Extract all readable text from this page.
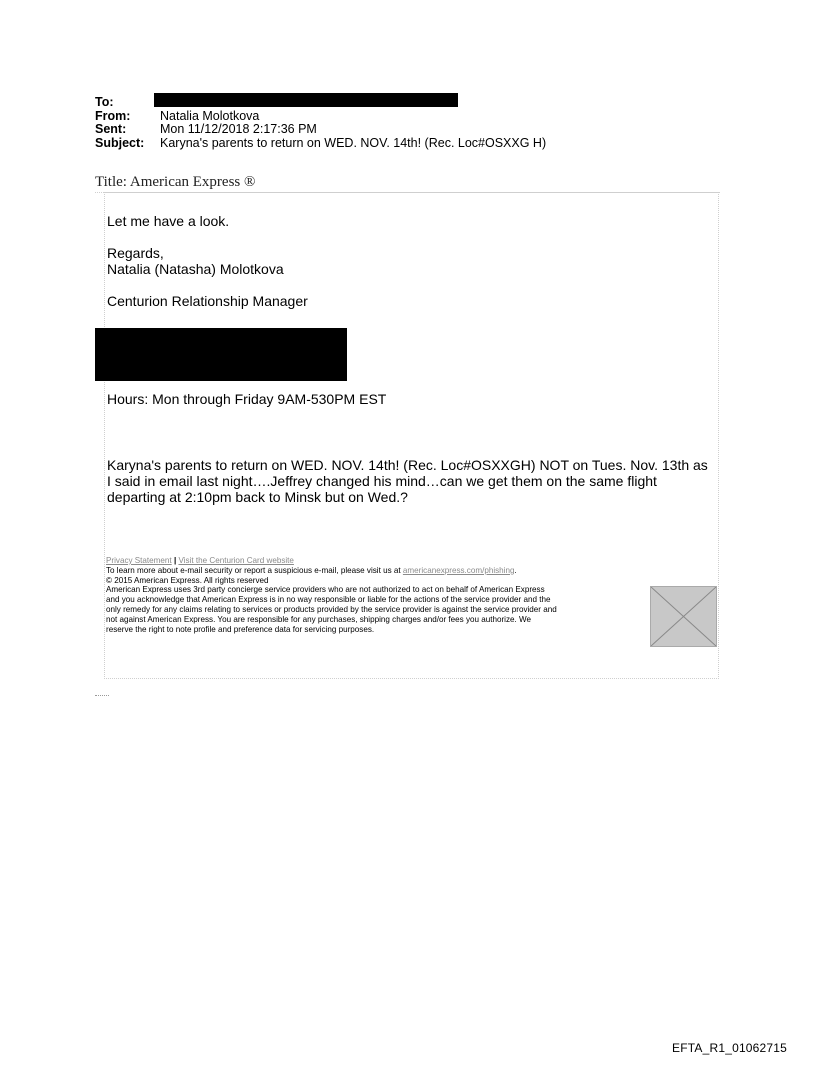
To:
From:	Natalia Molotkova
Sent:	Mon 11/12/2018 2:17:36 PM
Subject:	Karyna's parents to return on WED. NOV. 14th! (Rec. Loc#OSXXG H)
Title: American Express ®
Let me have a look.
Regards,
Natalia (Natasha) Molotkova
Centurion Relationship Manager
Hours: Mon through Friday 9AM-530PM EST
Karyna's parents to return on WED. NOV. 14th! (Rec. Loc#OSXXGH) NOT on Tues. Nov. 13th as
I said in email last night….Jeffrey changed his mind…can we get them on the same flight
departing at 2:10pm back to Minsk but on Wed.?
Privacy Statement | Visit the Centurion Card website
To learn more about e-mail security or report a suspicious e-mail, please visit us at americanexpress.com/phishing.
© 2015 American Express. All rights reserved
American Express uses 3rd party concierge service providers who are not authorized to act on behalf of American Express
and you acknowledge that American Express is in no way responsible or liable for the actions of the service provider and the
only remedy for any claims relating to services or products provided by the service provider is against the service provider and
not against American Express. You are responsible for any purchases, shipping charges and/or fees you authorize. We
reserve the right to note profile and preference data for servicing purposes.
EFTA_R1_01062715
